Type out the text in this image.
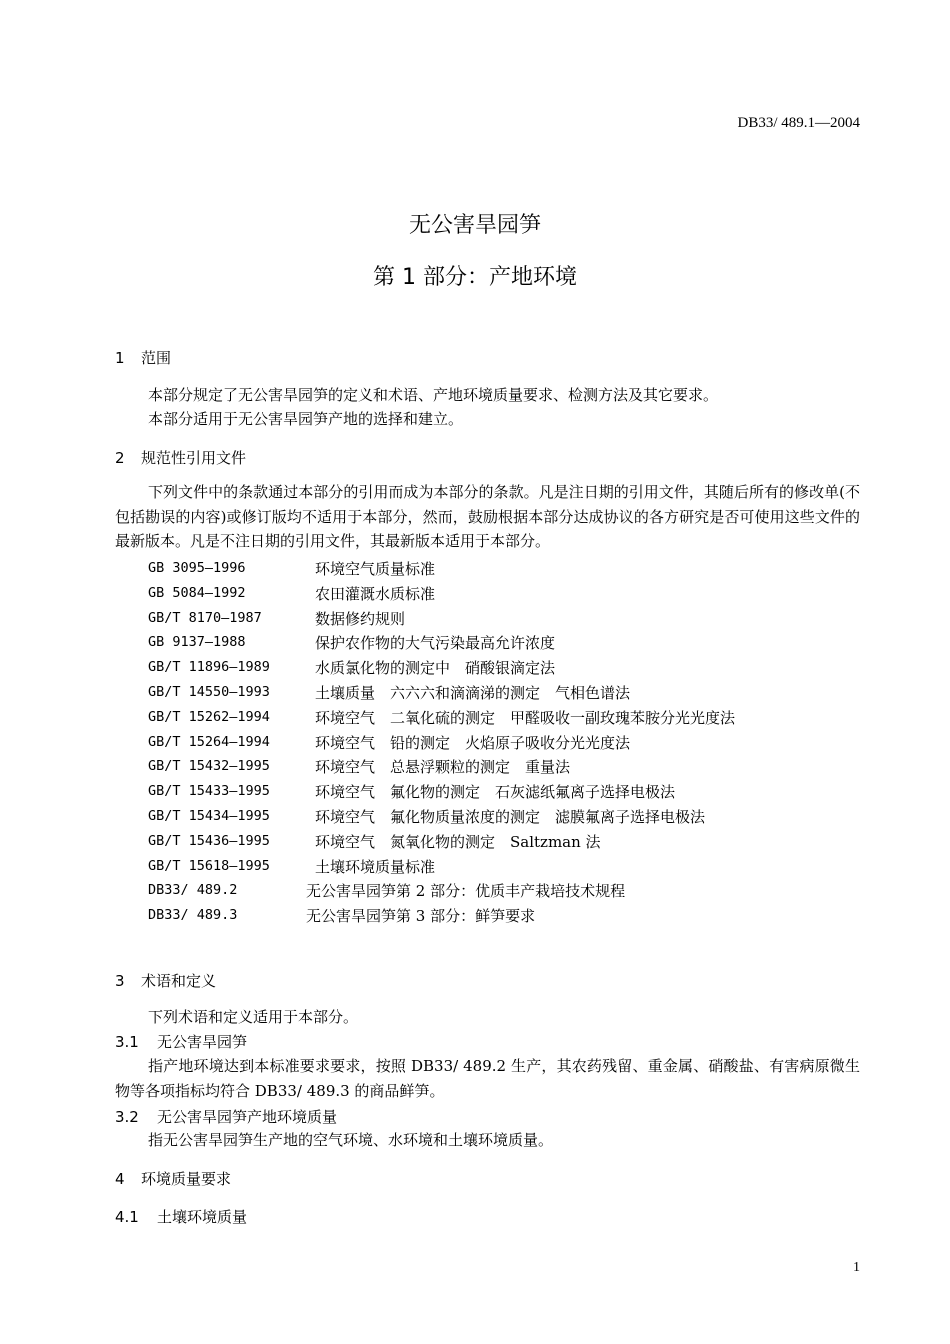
DB33/ 489.1—2004
无公害旱园笋
第 1 部分：产地环境
1 范围
本部分规定了无公害旱园笋的定义和术语、产地环境质量要求、检测方法及其它要求。
本部分适用于无公害旱园笋产地的选择和建立。
2 规范性引用文件
下列文件中的条款通过本部分的引用而成为本部分的条款。凡是注日期的引用文件，其随后所有的修改单(不包括勘误的内容)或修订版均不适用于本部分，然而，鼓励根据本部分达成协议的各方研究是否可使用这些文件的最新版本。凡是不注日期的引用文件，其最新版本适用于本部分。
GB 3095—1996	环境空气质量标准
GB 5084—1992	农田灌溉水质标准
GB/T 8170—1987	数据修约规则
GB 9137—1988	保护农作物的大气污染最高允许浓度
GB/T 11896—1989	水质氯化物的测定中　硝酸银滴定法
GB/T 14550—1993	土壤质量　六六六和滴滴涕的测定　气相色谱法
GB/T 15262—1994	环境空气　二氧化硫的测定　甲醛吸收一副玫瑰苯胺分光光度法
GB/T 15264—1994	环境空气　铅的测定　火焰原子吸收分光光度法
GB/T 15432—1995	环境空气　总悬浮颗粒的测定　重量法
GB/T 15433—1995	环境空气　氟化物的测定　石灰滤纸氟离子选择电极法
GB/T 15434—1995	环境空气　氟化物质量浓度的测定　滤膜氟离子选择电极法
GB/T 15436—1995	环境空气　氮氧化物的测定　Saltzman 法
GB/T 15618—1995	土壤环境质量标准
DB33/ 489.2	无公害旱园笋第 2 部分：优质丰产栽培技术规程
DB33/ 489.3	无公害旱园笋第 3 部分：鲜笋要求
3 术语和定义
下列术语和定义适用于本部分。
3.1 无公害旱园笋
指产地环境达到本标准要求要求，按照 DB33/ 489.2 生产，其农药残留、重金属、硝酸盐、有害病原微生物等各项指标均符合 DB33/ 489.3 的商品鲜笋。
3.2 无公害旱园笋产地环境质量
指无公害旱园笋生产地的空气环境、水环境和土壤环境质量。
4 环境质量要求
4.1 土壤环境质量
1
